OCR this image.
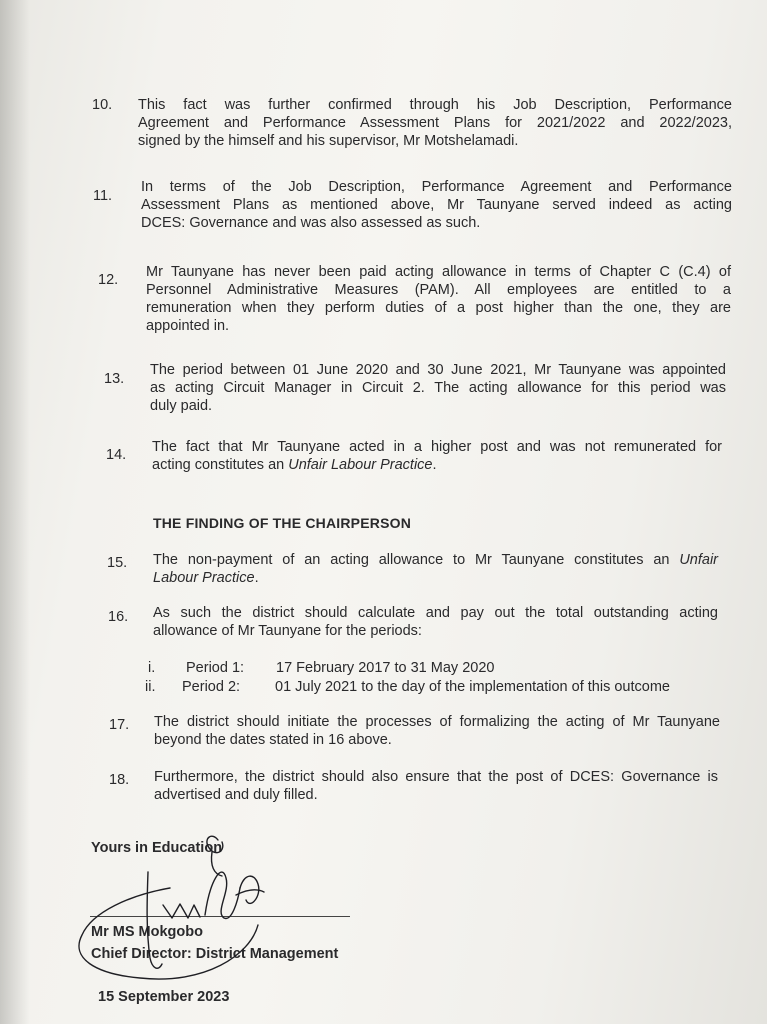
10.	This fact was further confirmed through his Job Description, Performance
Agreement and Performance Assessment Plans for 2021/2022 and 2022/2023,
signed by the himself and his supervisor, Mr Motshelamadi.
11.
In terms of the Job Description, Performance Agreement and Performance
Assessment Plans as mentioned above, Mr Taunyane served indeed as acting
DCES: Governance and was also assessed as such.
12.	Mr Taunyane has never been paid acting allowance in terms of Chapter C (C.4) of
Personnel Administrative Measures (PAM). All employees are entitled to a
remuneration when they perform duties of a post higher than the one, they are
appointed in.
13.
The period between 01 June 2020 and 30 June 2021, Mr Taunyane was appointed
as acting Circuit Manager in Circuit 2. The acting allowance for this period was
duly paid.
14.	The fact that Mr Taunyane acted in a higher post and was not remunerated for
acting constitutes an Unfair Labour Practice.
THE FINDING OF THE CHAIRPERSON
15.	The non-payment of an acting allowance to Mr Taunyane constitutes an Unfair
Labour Practice.
16.	As such the district should calculate and pay out the total outstanding acting
allowance of Mr Taunyane for the periods:
i. Period 1: 17 February 2017 to 31 May 2020
ii. Period 2: 01 July 2021 to the day of the implementation of this outcome
17.	The district should initiate the processes of formalizing the acting of Mr Taunyane
beyond the dates stated in 16 above.
18.	Furthermore, the district should also ensure that the post of DCES: Governance is
advertised and duly filled.
Yours in Education
Mr MS Mokgobo
Chief Director: District Management
15 September 2023
